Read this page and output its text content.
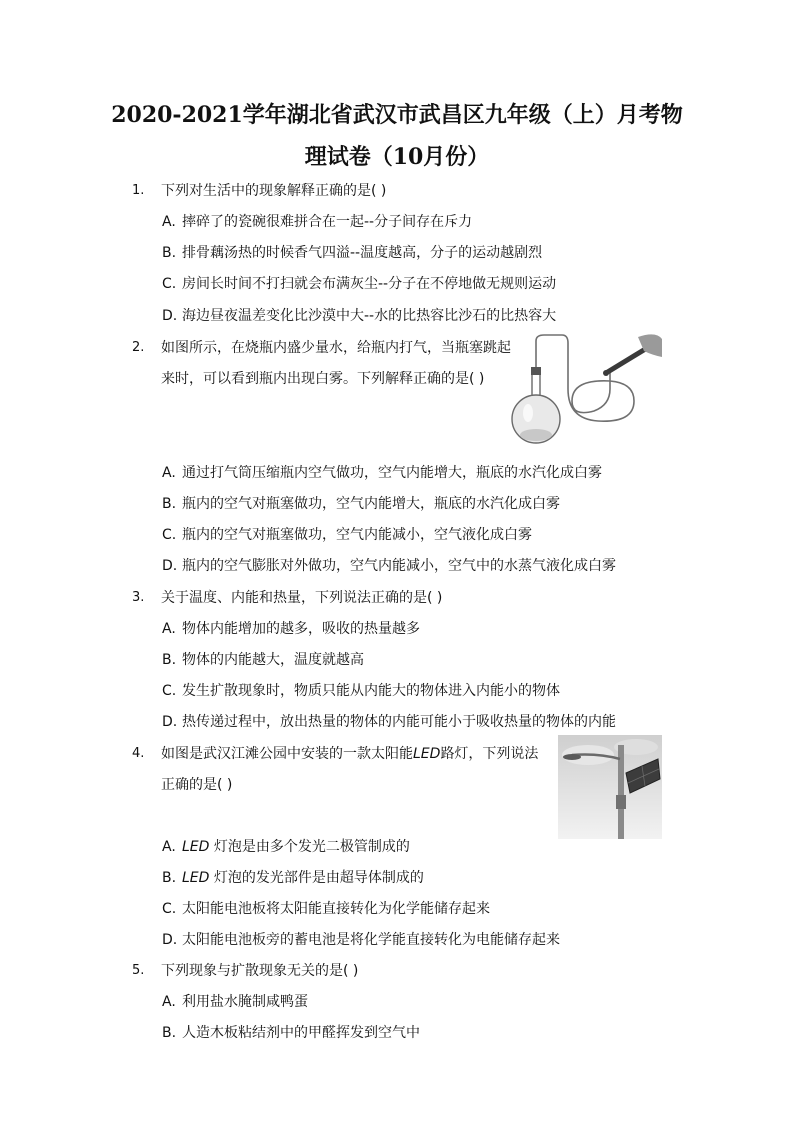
2020-2021学年湖北省武汉市武昌区九年级（上）月考物
理试卷（10月份）
1. 下列对生活中的现象解释正确的是( )
A. 摔碎了的瓷碗很难拼合在一起--分子间存在斥力
B. 排骨藕汤热的时候香气四溢--温度越高，分子的运动越剧烈
C. 房间长时间不打扫就会布满灰尘--分子在不停地做无规则运动
D. 海边昼夜温差变化比沙漠中大--水的比热容比沙石的比热容大
2. 如图所示，在烧瓶内盛少量水，给瓶内打气，当瓶塞跳起
来时，可以看到瓶内出现白雾。下列解释正确的是( )
A. 通过打气筒压缩瓶内空气做功，空气内能增大，瓶底的水汽化成白雾
B. 瓶内的空气对瓶塞做功，空气内能增大，瓶底的水汽化成白雾
C. 瓶内的空气对瓶塞做功，空气内能减小，空气液化成白雾
D. 瓶内的空气膨胀对外做功，空气内能减小，空气中的水蒸气液化成白雾
3. 关于温度、内能和热量，下列说法正确的是( )
A. 物体内能增加的越多，吸收的热量越多
B. 物体的内能越大，温度就越高
C. 发生扩散现象时，物质只能从内能大的物体进入内能小的物体
D. 热传递过程中，放出热量的物体的内能可能小于吸收热量的物体的内能
4. 如图是武汉江滩公园中安装的一款太阳能LED路灯，下列说法
正确的是( )
A. LED 灯泡是由多个发光二极管制成的
B. LED 灯泡的发光部件是由超导体制成的
C. 太阳能电池板将太阳能直接转化为化学能储存起来
D. 太阳能电池板旁的蓄电池是将化学能直接转化为电能储存起来
5. 下列现象与扩散现象无关的是( )
A. 利用盐水腌制咸鸭蛋
B. 人造木板粘结剂中的甲醛挥发到空气中
